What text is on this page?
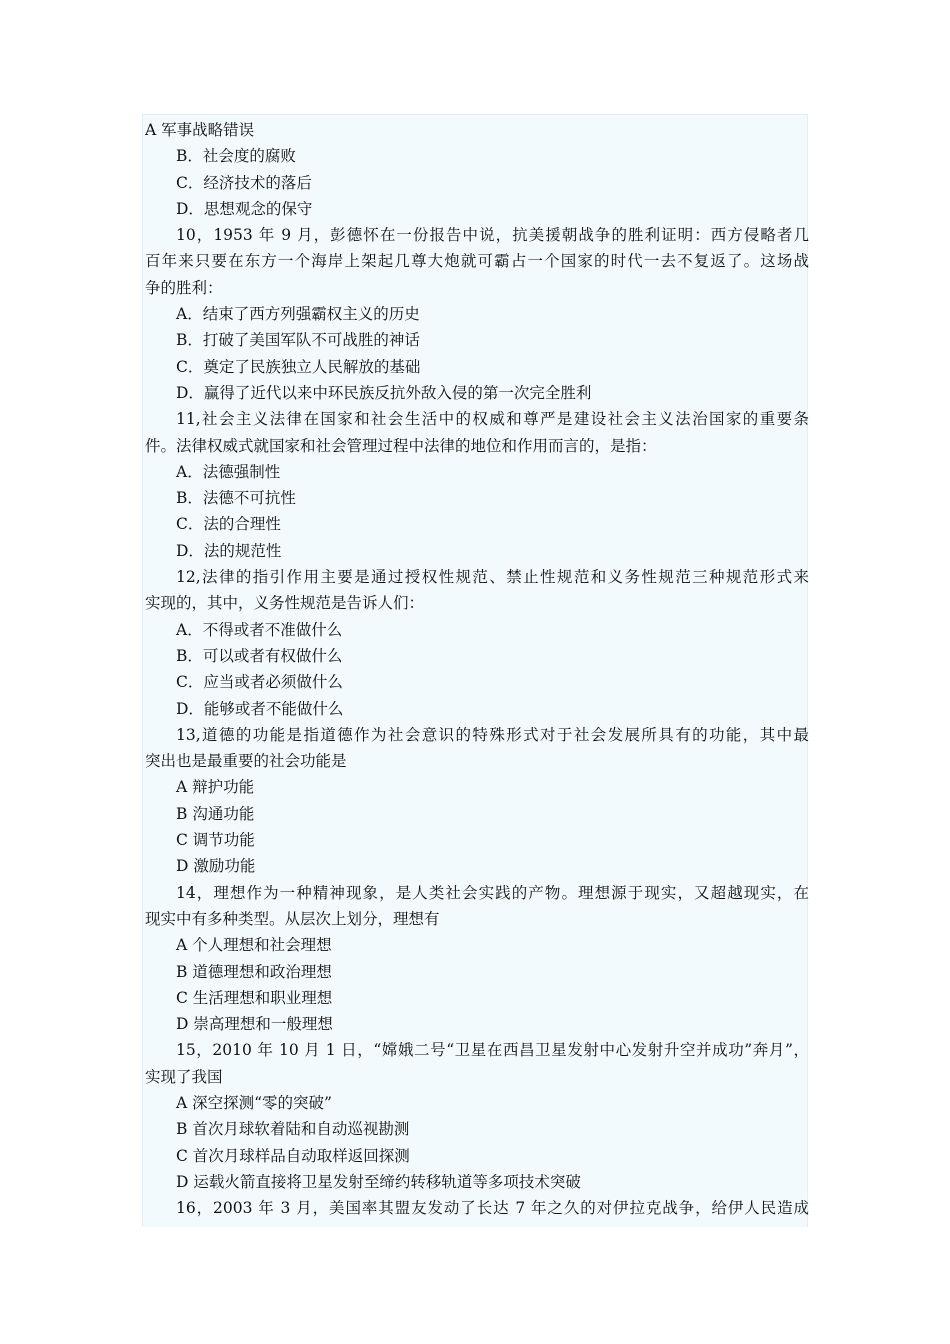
A 军事战略错误
B．社会度的腐败
C．经济技术的落后
D．思想观念的保守
10，1953 年 9 月，彭德怀在一份报告中说，抗美援朝战争的胜利证明：西方侵略者几
百年来只要在东方一个海岸上架起几尊大炮就可霸占一个国家的时代一去不复返了。这场战
争的胜利：
A．结束了西方列强霸权主义的历史
B．打破了美国军队不可战胜的神话
C．奠定了民族独立人民解放的基础
D．赢得了近代以来中环民族反抗外敌入侵的第一次完全胜利
11,社会主义法律在国家和社会生活中的权威和尊严是建设社会主义法治国家的重要条
件。法律权威式就国家和社会管理过程中法律的地位和作用而言的，是指：
A．法德强制性
B．法德不可抗性
C．法的合理性
D．法的规范性
12,法律的指引作用主要是通过授权性规范、禁止性规范和义务性规范三种规范形式来
实现的，其中，义务性规范是告诉人们：
A．不得或者不准做什么
B．可以或者有权做什么
C．应当或者必须做什么
D．能够或者不能做什么
13,道德的功能是指道德作为社会意识的特殊形式对于社会发展所具有的功能，其中最
突出也是最重要的社会功能是
A 辩护功能
B 沟通功能
C 调节功能
D 激励功能
14，理想作为一种精神现象，是人类社会实践的产物。理想源于现实，又超越现实，在
现实中有多种类型。从层次上划分，理想有
A 个人理想和社会理想
B 道德理想和政治理想
C 生活理想和职业理想
D 崇高理想和一般理想
15，2010 年 10 月 1 日，“嫦娥二号“卫星在西昌卫星发射中心发射升空并成功”奔月”，
实现了我国
A 深空探测“零的突破”
B 首次月球软着陆和自动巡视勘测
C 首次月球样品自动取样返回探测
D 运载火箭直接将卫星发射至缔约转移轨道等多项技术突破
16，2003 年 3 月，美国率其盟友发动了长达 7 年之久的对伊拉克战争，给伊人民造成
